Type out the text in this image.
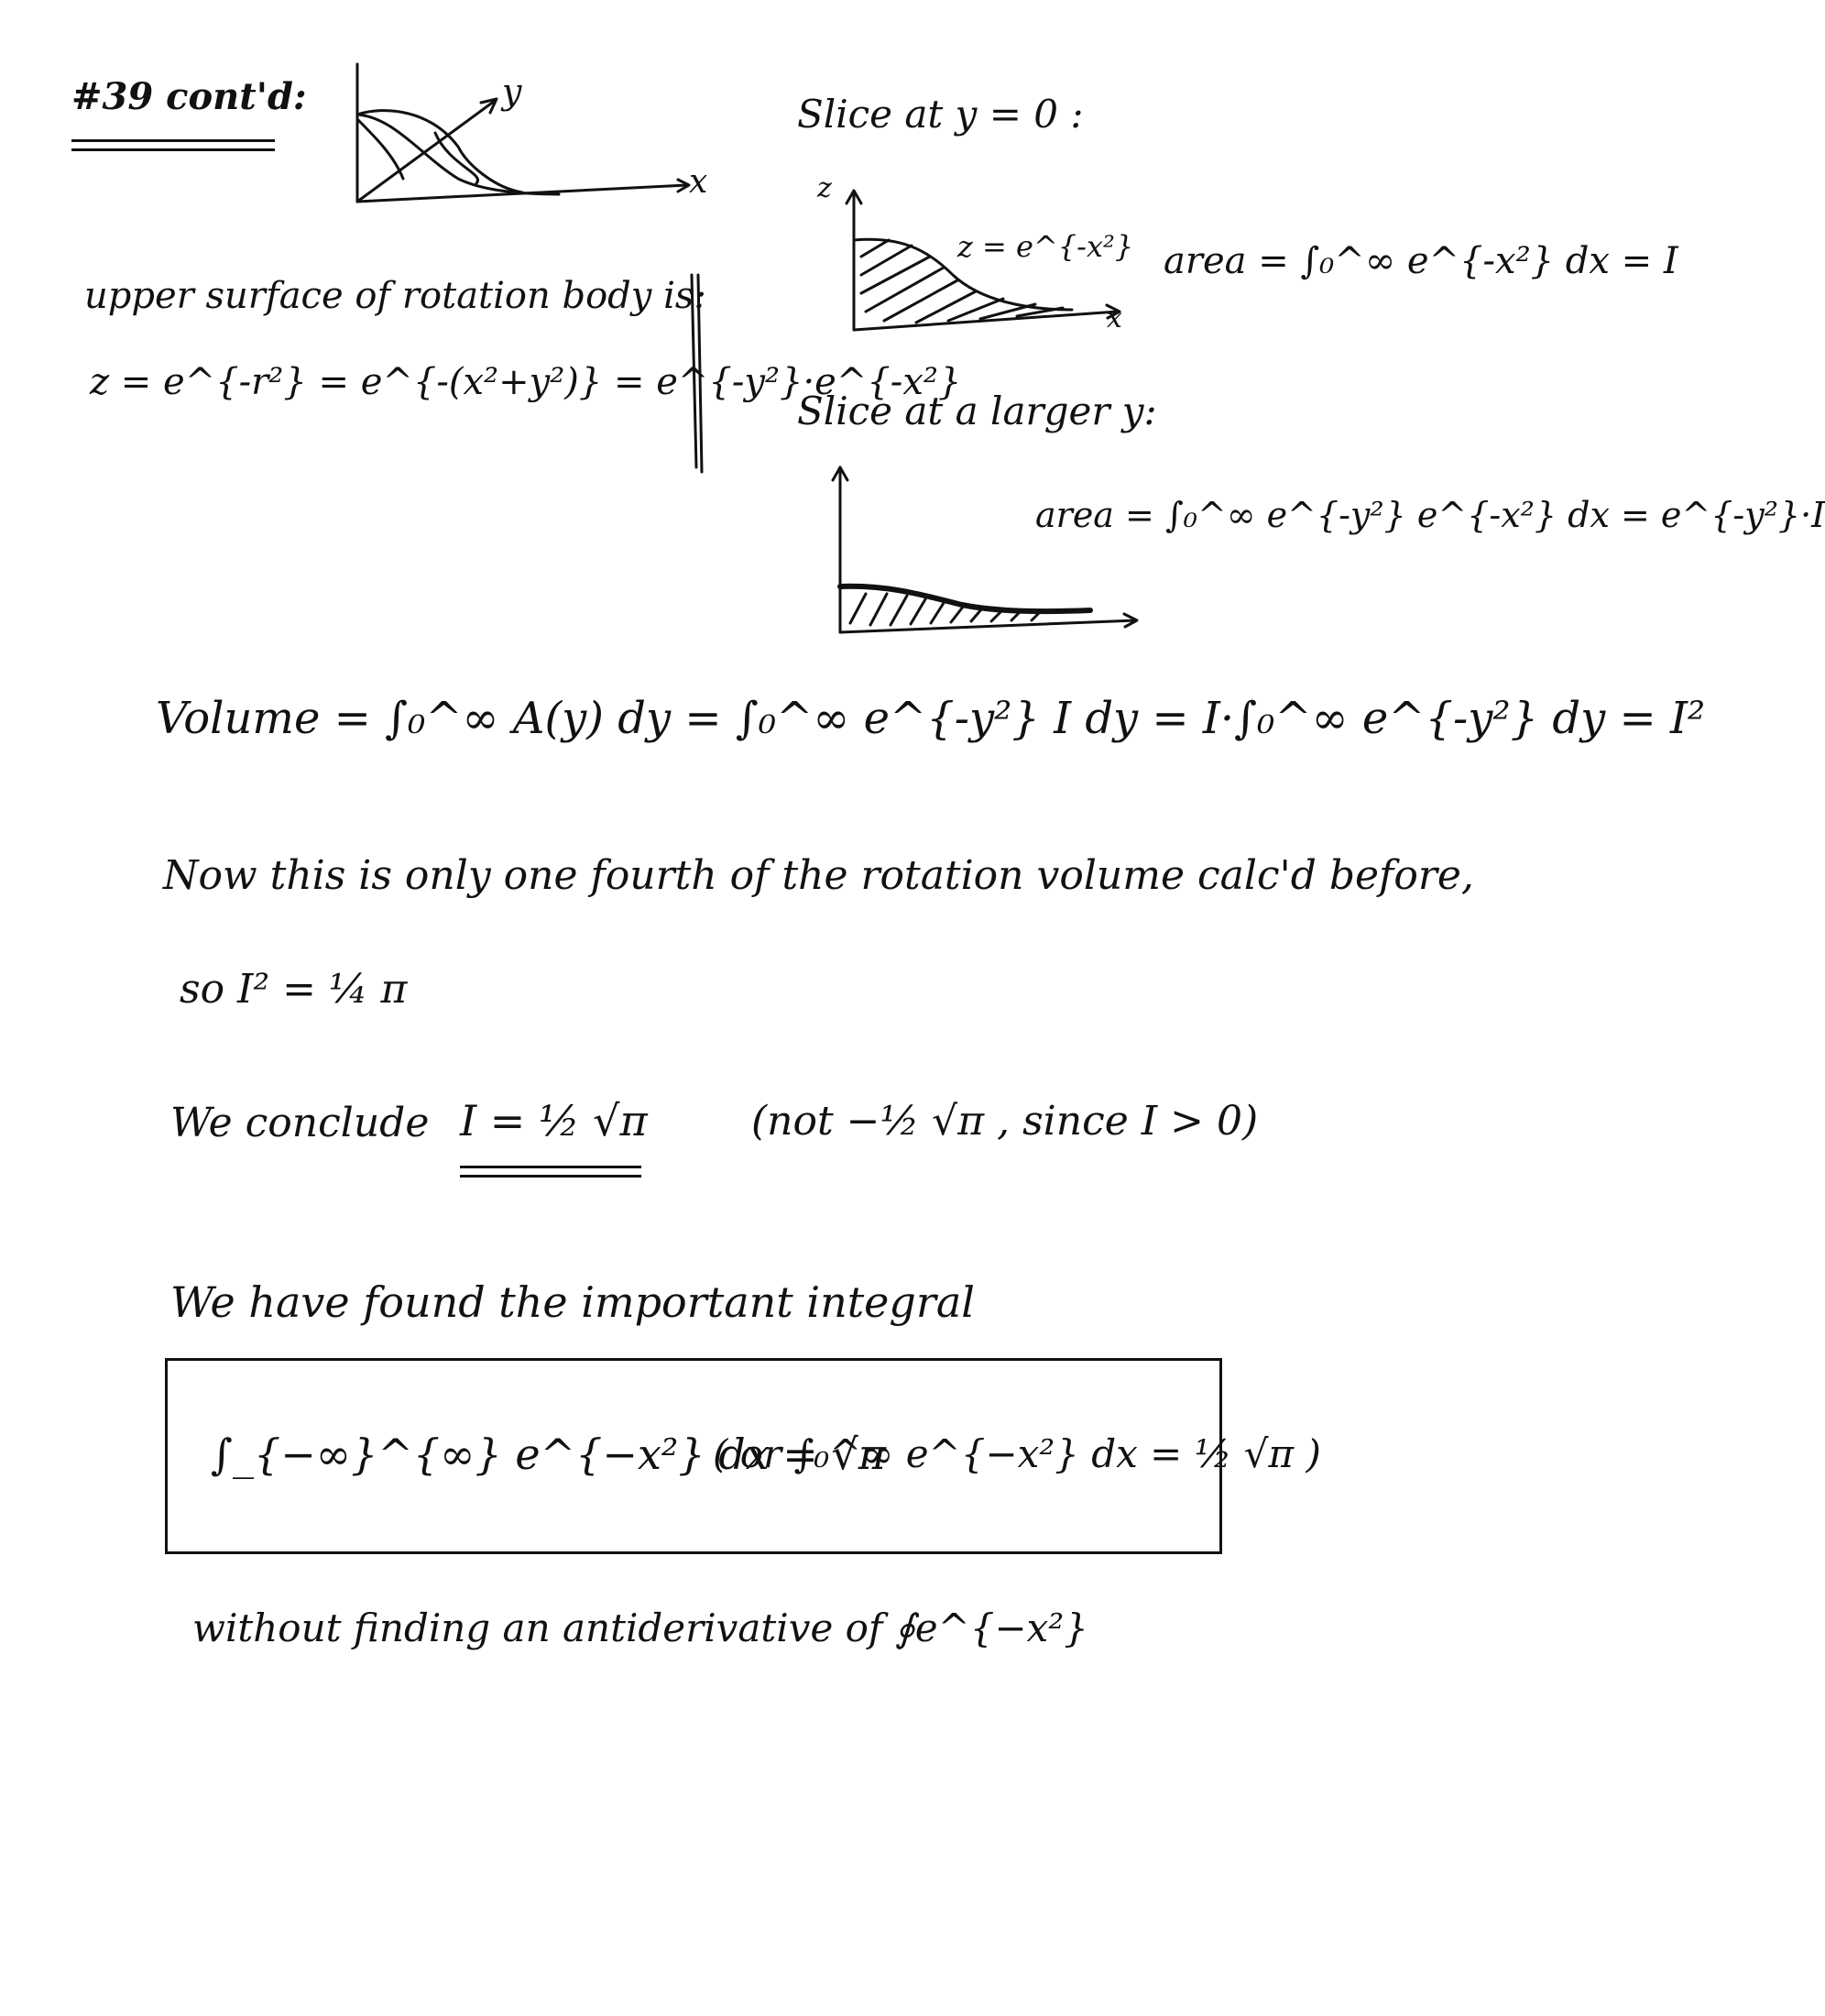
#39 cont'd:	y
x
upper surface of rotation body is:
z = e^{-r²} = e^{-(x²+y²)} = e^{-y²}·e^{-x²}
Slice at y = 0 :
z
x
z = e^{-x²} area = ∫₀^∞ e^{-x²} dx = I
Slice at a larger y:
area = ∫₀^∞ e^{-y²} e^{-x²} dx = e^{-y²}·I
Volume = ∫₀^∞ A(y) dy = ∫₀^∞ e^{-y²} I dy = I·∫₀^∞ e^{-y²} dy = I²
Now this is only one fourth of the rotation volume calc'd before,
so I² = ¼ π
We conclude I = ½ √π	(not −½ √π , since I > 0)
We have found the important integral
∫_{−∞}^{∞} e^{−x²} dx = √π
( or ∫₀^∞ e^{−x²} dx = ½ √π )
without finding an antiderivative of ∮e^{−x²}
